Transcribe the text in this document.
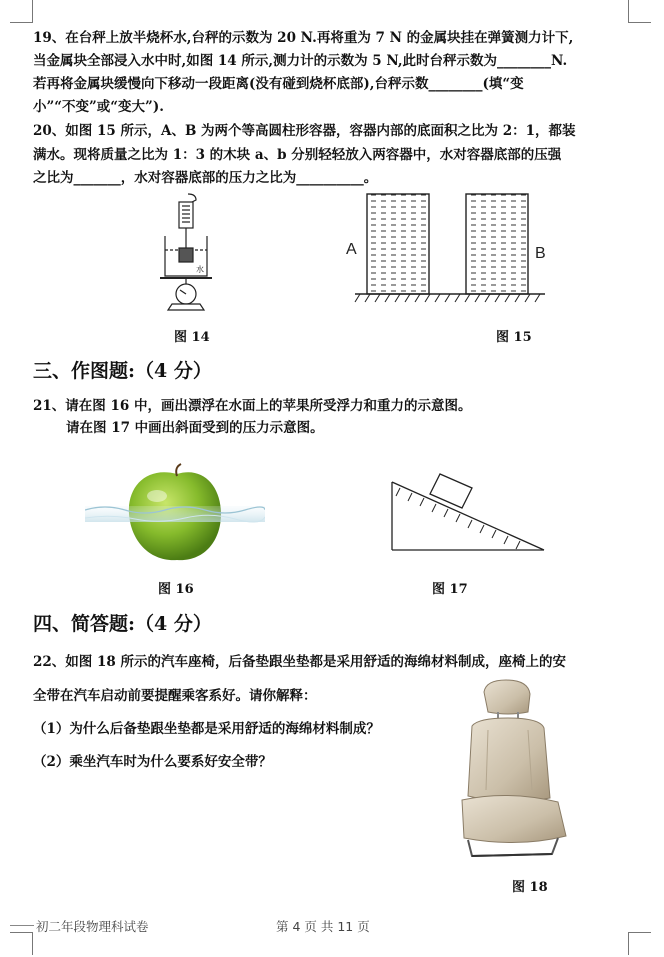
19、在台秤上放半烧杯水,台秤的示数为 20 N.再将重为 7 N 的金属块挂在弹簧测力计下,
当金属块全部浸入水中时,如图 14 所示,测力计的示数为 5 N,此时台秤示数为________N.
若再将金属块缓慢向下移动一段距离(没有碰到烧杯底部),台秤示数________(填“变
小”“不变”或“变大”).
20、如图 15 所示，A、B 为两个等高圆柱形容器，容器内部的底面积之比为 2：1，都装
满水。现将质量之比为 1：3 的木块 a、b 分别轻轻放入两容器中，水对容器底部的压强
之比为_______，水对容器底部的压力之比为__________。
水
图 14
A	B
图 15
三、作图题:（4 分）
21、请在图 16 中，画出漂浮在水面上的苹果所受浮力和重力的示意图。
请在图 17 中画出斜面受到的压力示意图。
图 16	图 17
四、简答题:（4 分）
22、如图 18 所示的汽车座椅，后备垫跟坐垫都是采用舒适的海绵材料制成，座椅上的安
全带在汽车启动前要提醒乘客系好。请你解释：
（1）为什么后备垫跟坐垫都是采用舒适的海绵材料制成？
（2）乘坐汽车时为什么要系好安全带？
图 18
初二年段物理科试卷	第 4 页 共 11 页
